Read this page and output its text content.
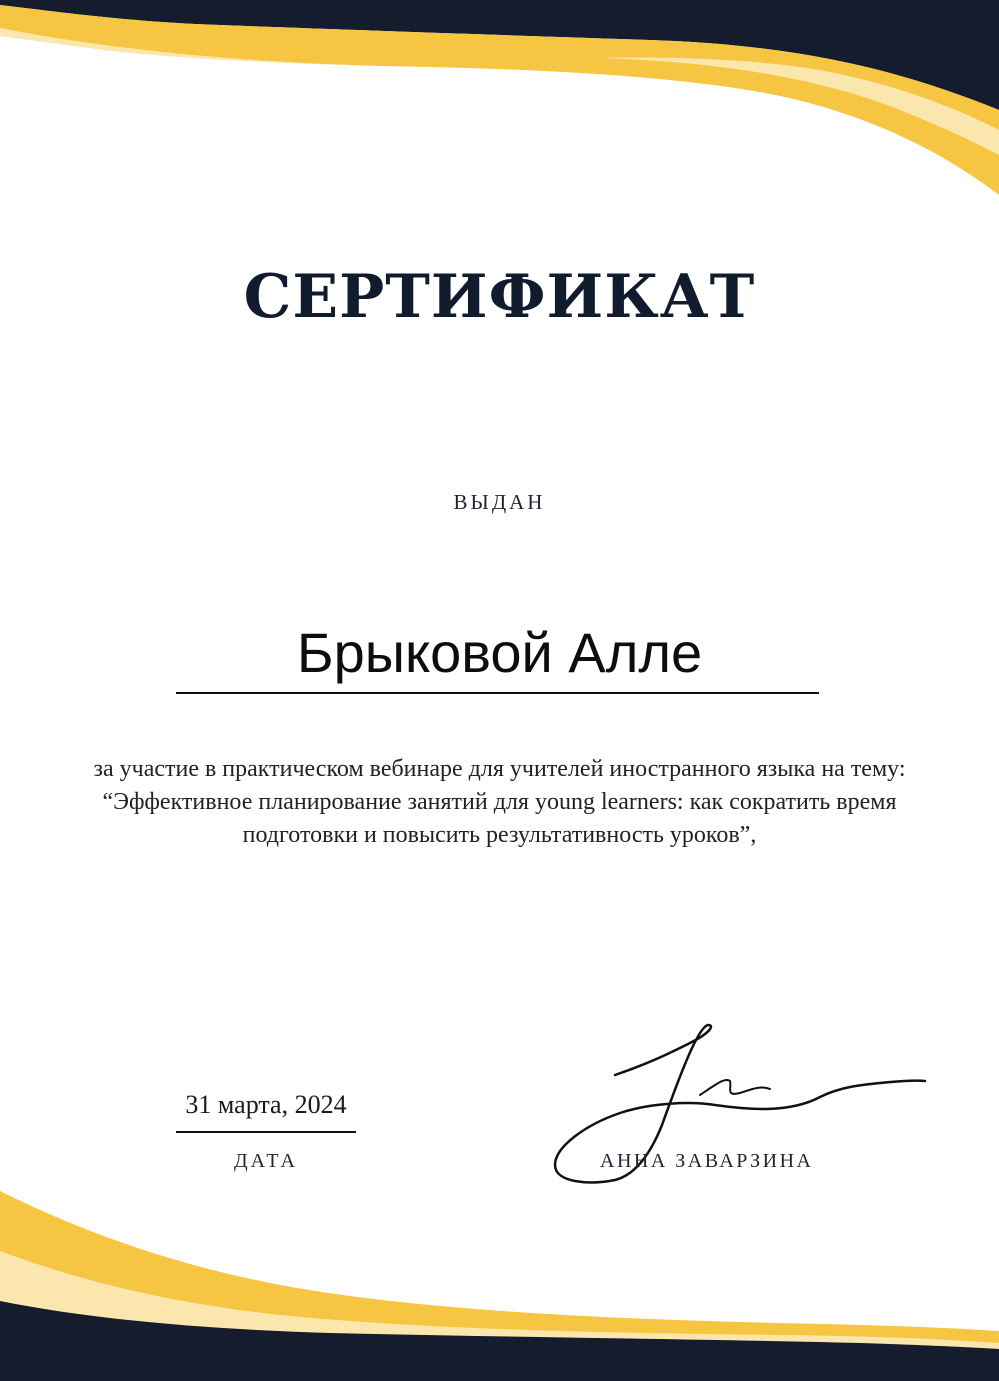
СЕРТИФИКАТ
ВЫДАН
Брыковой Алле
за участие в практическом вебинаре для учителей иностранного языка на тему: “Эффективное планирование занятий для young learners: как сократить время подготовки и повысить результативность уроков”,
31 марта, 2024
ДАТА	АННА ЗАВАРЗИНА
